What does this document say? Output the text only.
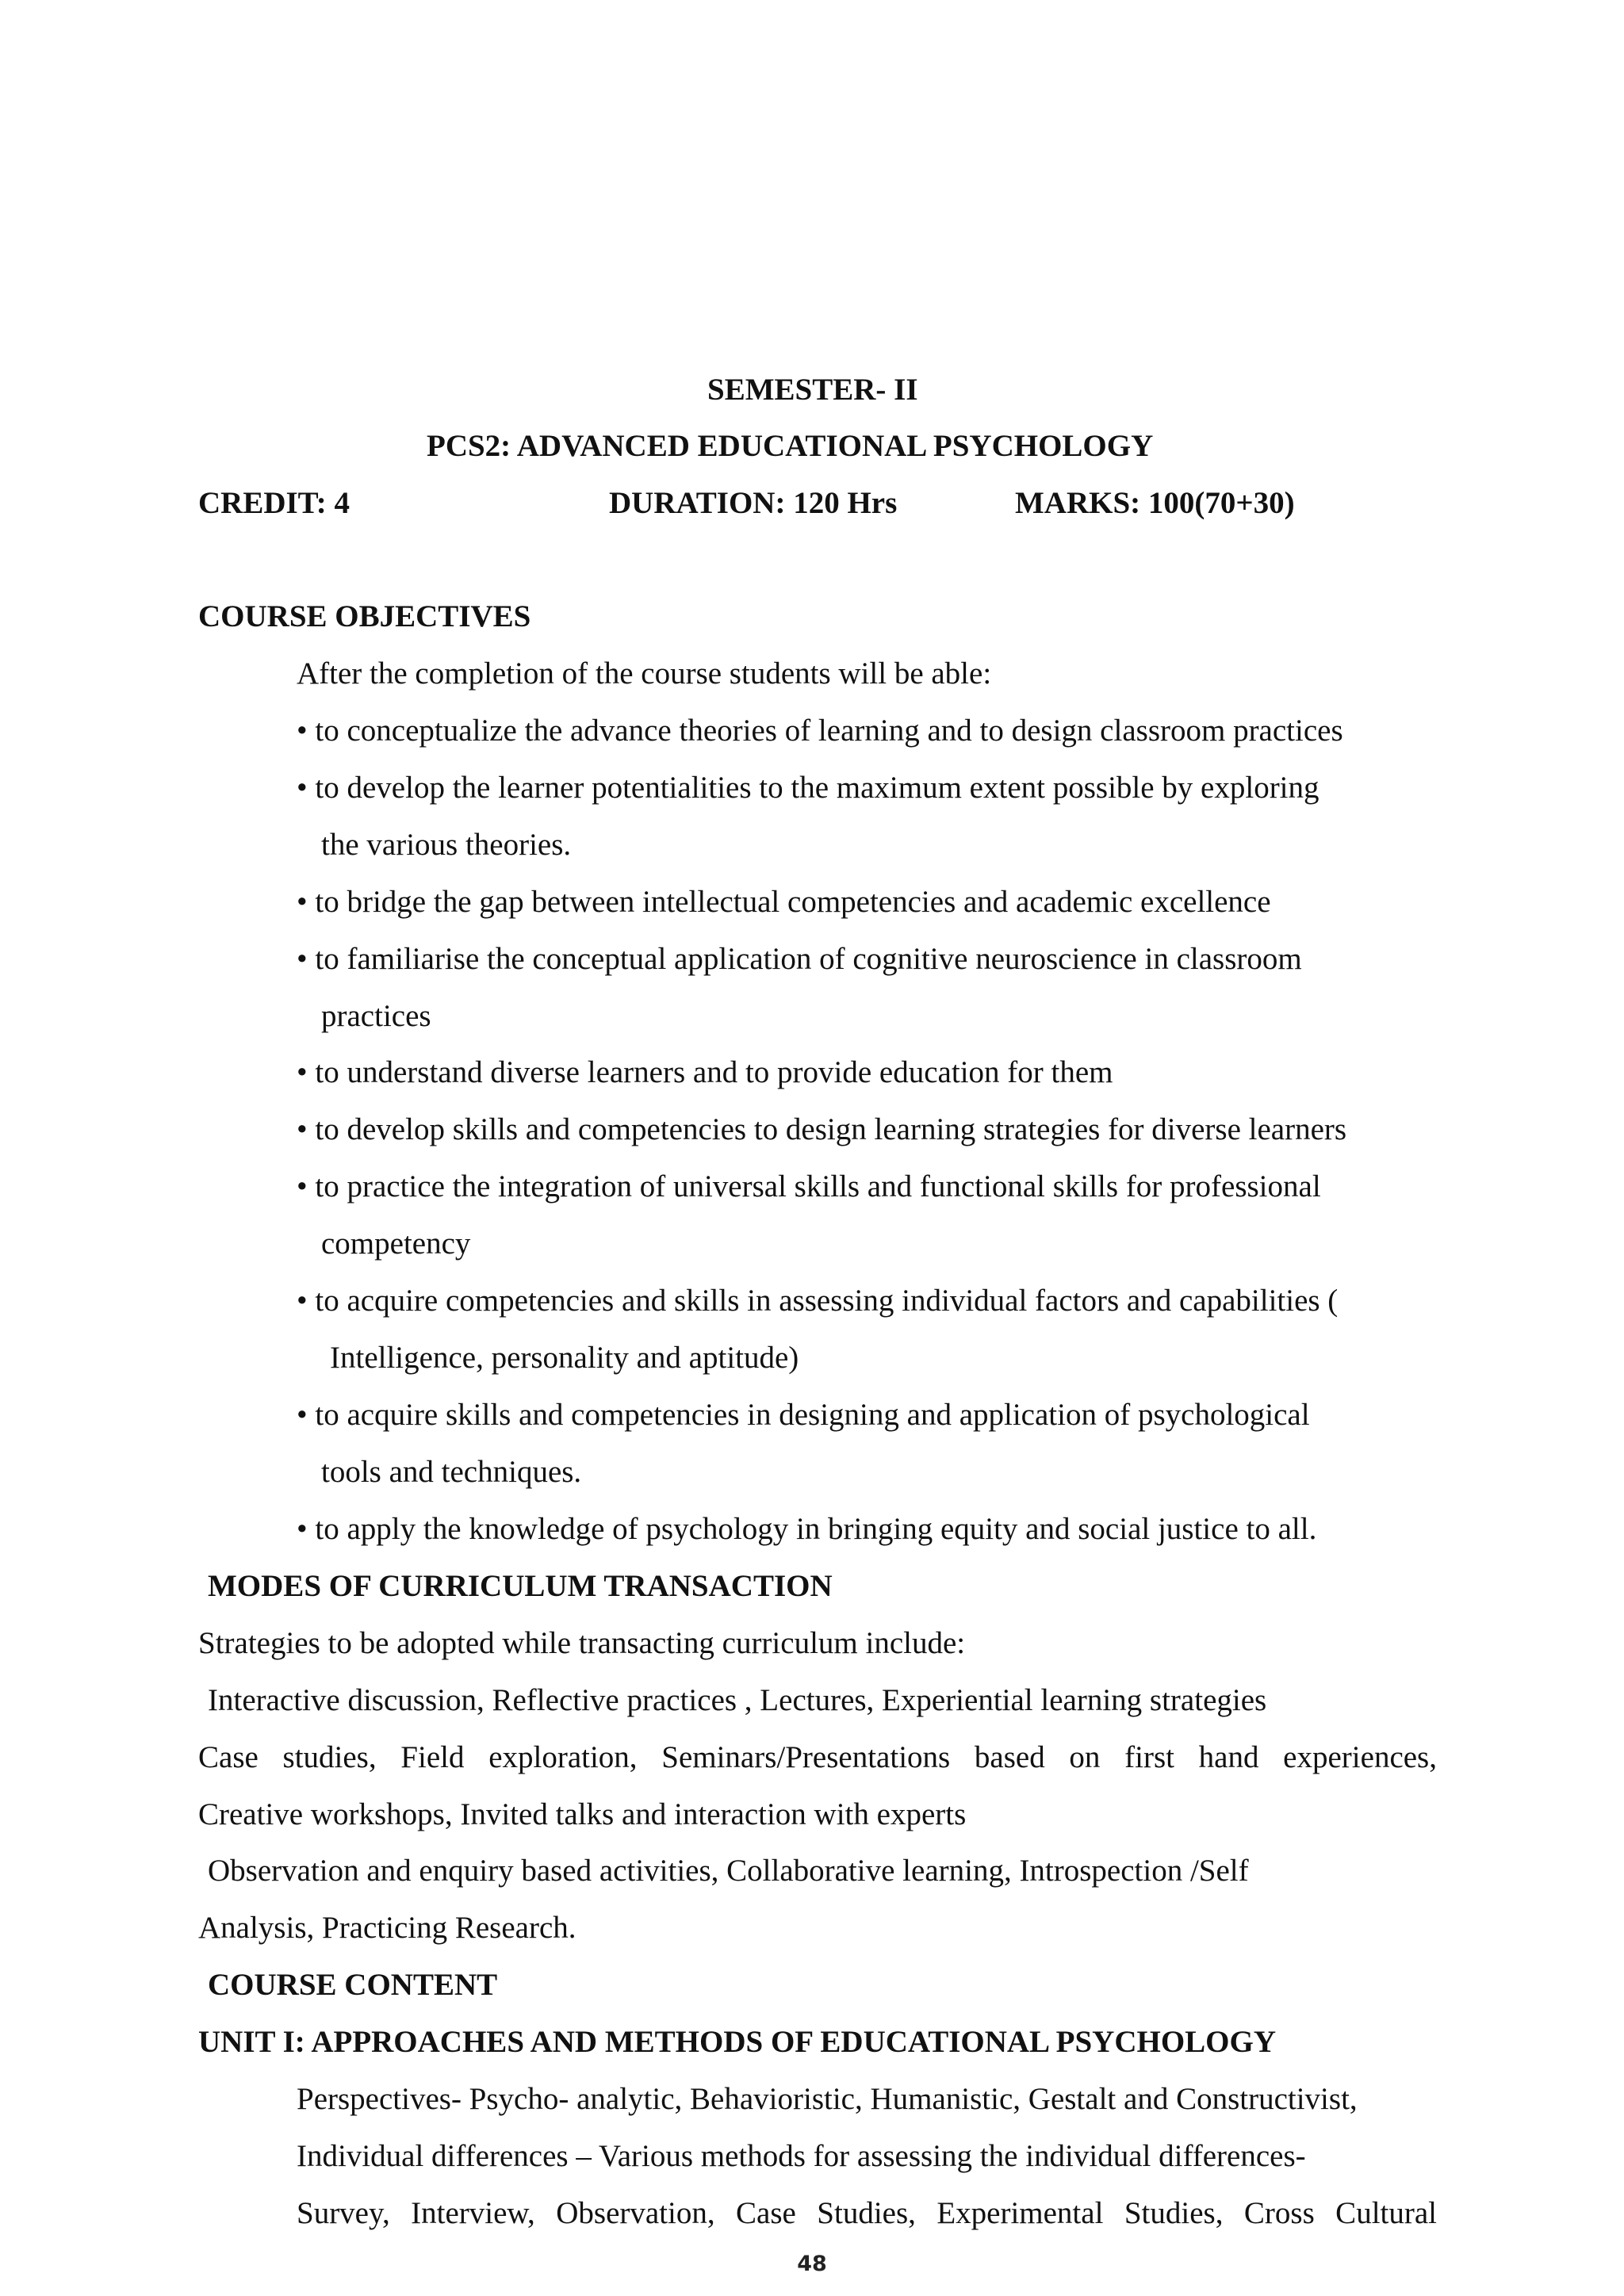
SEMESTER- II
PCS2: ADVANCED EDUCATIONAL PSYCHOLOGY
CREDIT: 4	DURATION: 120 Hrs	MARKS: 100(70+30)
COURSE OBJECTIVES
After the completion of the course students will be able:
• to conceptualize the advance theories of learning and to design classroom practices
• to develop the learner potentialities to the maximum extent possible by exploring
the various theories.
• to bridge the gap between intellectual competencies and academic excellence
• to familiarise the conceptual application of cognitive neuroscience in classroom
practices
• to understand diverse learners and to provide education for them
• to develop skills and competencies to design learning strategies for diverse learners
• to practice the integration of universal skills and functional skills for professional
competency
• to acquire competencies and skills in assessing individual factors and capabilities (
Intelligence, personality and aptitude)
• to acquire skills and competencies in designing and application of psychological
tools and techniques.
• to apply the knowledge of psychology in bringing equity and social justice to all.
MODES OF CURRICULUM TRANSACTION
Strategies to be adopted while transacting curriculum include:
Interactive discussion, Reflective practices , Lectures, Experiential learning strategies
Case studies, Field exploration, Seminars/Presentations based on first hand experiences,
Creative workshops, Invited talks and interaction with experts
Observation and enquiry based activities, Collaborative learning, Introspection /Self
Analysis, Practicing Research.
COURSE CONTENT
UNIT I: APPROACHES AND METHODS OF EDUCATIONAL PSYCHOLOGY
Perspectives- Psycho- analytic, Behavioristic, Humanistic, Gestalt and Constructivist,
Individual differences – Various methods for assessing the individual differences-
Survey, Interview, Observation, Case Studies, Experimental Studies, Cross Cultural
48
